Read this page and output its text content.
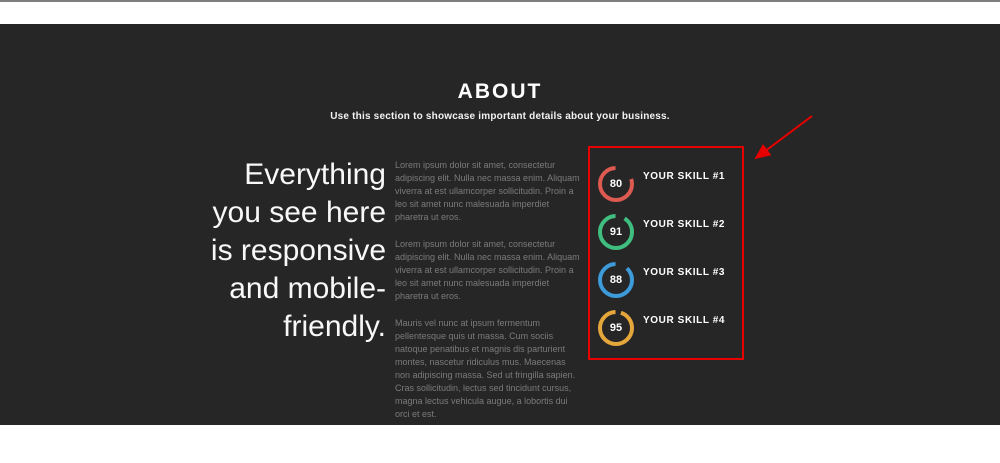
ABOUT
Use this section to showcase important details about your business.
Everything
you see here
is responsive
and mobile-
friendly.

Lorem ipsum dolor sit amet, consectetur adipiscing elit. Nulla nec massa enim. Aliquam viverra at est ullamcorper sollicitudin. Proin a leo sit amet nunc malesuada imperdiet pharetra ut eros.

Lorem ipsum dolor sit amet, consectetur adipiscing elit. Nulla nec massa enim. Aliquam viverra at est ullamcorper sollicitudin. Proin a leo sit amet nunc malesuada imperdiet pharetra ut eros.

Mauris vel nunc at ipsum fermentum pellentesque quis ut massa. Cum sociis natoque penatibus et magnis dis parturient montes, nascetur ridiculus mus. Maecenas non adipiscing massa. Sed ut fringilla sapien. Cras sollicitudin, lectus sed tincidunt cursus, magna lectus vehicula augue, a lobortis dui orci et est.

80
YOUR SKILL #1
91
YOUR SKILL #2
88
YOUR SKILL #3
95
YOUR SKILL #4
